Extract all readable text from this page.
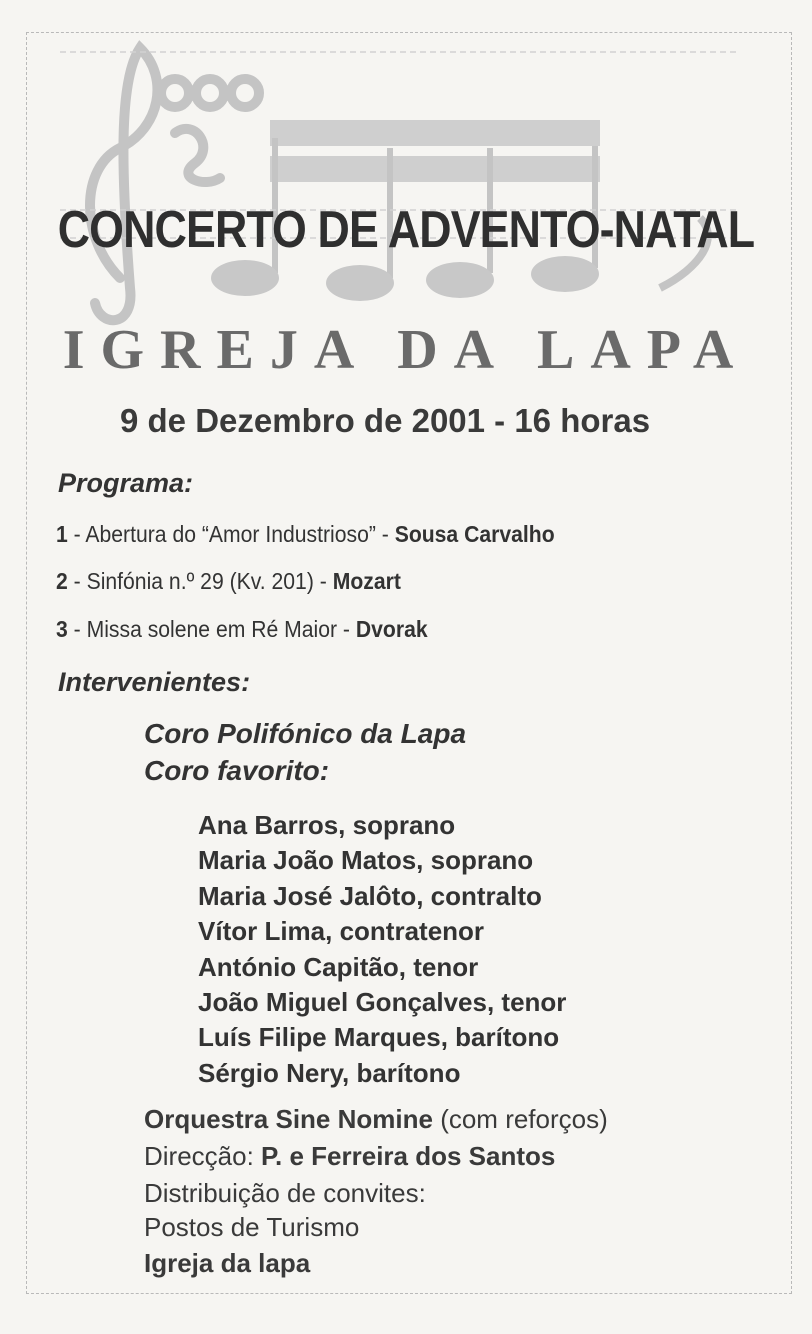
CONCERTO DE ADVENTO-NATAL
IGREJA DA LAPA
9 de Dezembro de 2001 - 16 horas
Programa:
1 - Abertura do “Amor Industrioso” - Sousa Carvalho
2 - Sinfónia n.º 29 (Kv. 201) - Mozart
3 - Missa solene em Ré Maior - Dvorak
Intervenientes:
Coro Polifónico da Lapa
Coro favorito:
Ana Barros, soprano
Maria João Matos, soprano
Maria José Jalôto, contralto
Vítor Lima, contratenor
António Capitão, tenor
João Miguel Gonçalves, tenor
Luís Filipe Marques, barítono
Sérgio Nery, barítono
Orquestra Sine Nomine (com reforços)
Direcção: P. e Ferreira dos Santos
Distribuição de convites:
Postos de Turismo
Igreja da lapa
